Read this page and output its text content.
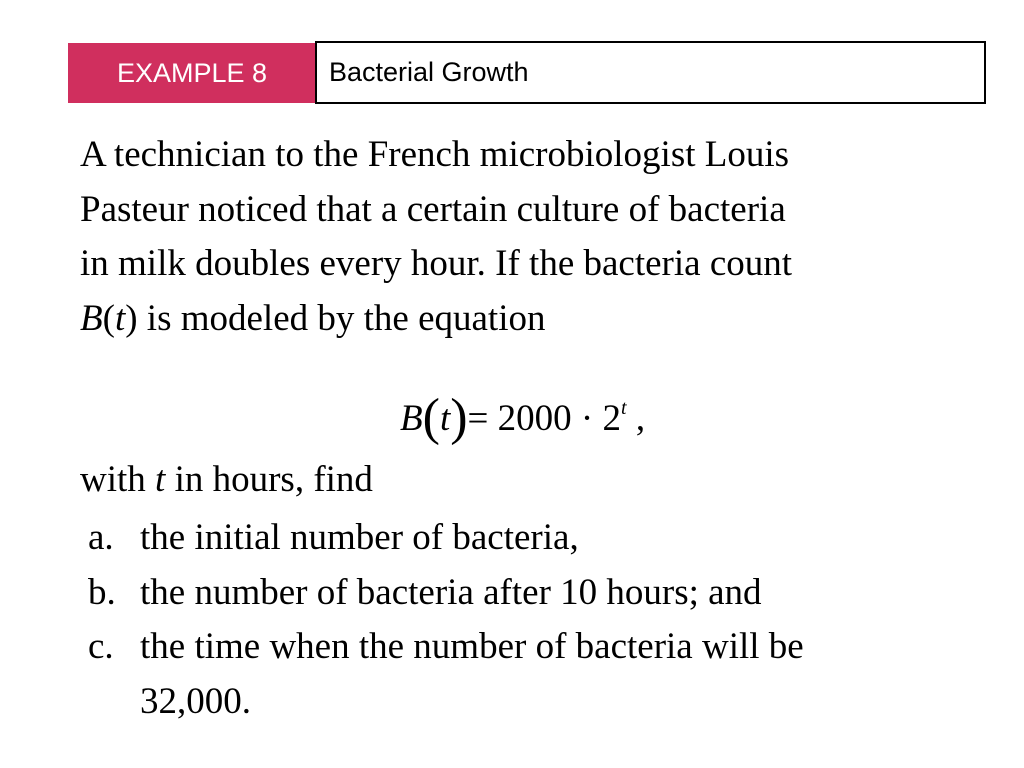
EXAMPLE 8	Bacterial Growth

A technician to the French microbiologist Louis

Pasteur noticed that a certain culture of bacteria

in milk doubles every hour. If the bacteria count

B(t) is modeled by the equation

$B(t)= 2000 \cdot 2^t$ ,
with t in hours, find
a. the initial number of bacteria,
b. the number of bacteria after 10 hours; and
c. the time when the number of bacteria will be
32,000.
